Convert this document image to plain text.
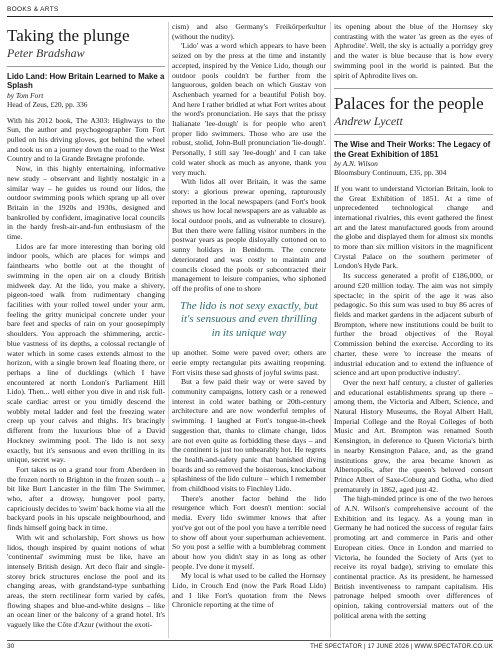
BOOKS & ARTS
Taking the plunge
Peter Bradshaw
Lido Land: How Britain Learned to Make a Splash
by Tom Fort
Head of Zeus, £20, pp. 336

With his 2012 book, The A303: Highways to the Sun, the author and psychogeographer Tom Fort pulled on his driving gloves, got behind the wheel and took us on a journey down the road to the West Country and to la Grande Bretagne profonde.

Now, in this highly entertaining, informative new study – observant and lightly nostalgic in a similar way – he guides us round our lidos, the outdoor swimming pools which sprang up all over Britain in the 1920s and 1930s, designed and bankrolled by confident, imaginative local councils in the hardy fresh-air-and-fun enthusiasm of the time.

Lidos are far more interesting than boring old indoor pools, which are places for wimps and fainthearts who bottle out at the thought of swimming in the open air on a cloudy British midweek day. At the lido, you make a shivery, pigeon-toed walk from rudimentary changing facilities with your rolled towel under your arm, feeling the gritty municipal concrete under your bare feet and specks of rain on your goosepimply shoulders. You approach the shimmering, arctic-blue vastness of its depths, a colossal rectangle of water which in some cases extends almost to the horizon, with a single brown leaf floating there, or perhaps a line of ducklings (which I have encountered at north London's Parliament Hill Lido). Then... well either you dive in and risk full-scale cardiac arrest or you timidly descend the wobbly metal ladder and feel the freezing water creep up your calves and thighs. It's bracingly different from the luxurious blue of a David Hockney swimming pool. The lido is not sexy exactly, but it's sensuous and even thrilling in its unique, secret way.

Fort takes us on a grand tour from Aberdeen in the frozen north to Brighton in the frozen south – a bit like Burt Lancaster in the film The Swimmer, who, after a drowsy, hungover pool party, capriciously decides to 'swim' back home via all the backyard pools in his upscale neighbourhood, and finds himself going back in time.

With wit and scholarship, Fort shows us how lidos, though inspired by quaint notions of what 'continental' swimming must be like, have an intensely British design. Art deco flair and single-storey brick structures enclose the pool and its changing areas, with grandstand-type sunbathing areas, the stern rectilinear form varied by cafés, flowing shapes and blue-and-white designs – like an ocean liner or the balcony of a grand hotel. It's vaguely like the Côte d'Azur (without the exoti-

cism) and also Germany's Freikörperkultur (without the nudity).

'Lido' was a word which appears to have been seized on by the press at the time and instantly accepted, inspired by the Venice Lido, though our outdoor pools couldn't be further from the languorous, golden beach on which Gustav von Aschenbach yearned for a beautiful Polish boy. And here I rather bridled at what Fort writes about the word's pronunciation. He says that the prissy Italianate 'lee-dough' is for people who aren't proper lido swimmers. Those who are use the robust, stolid, John-Bull pronunciation 'lie-dough'. Personally, I still say 'lee-dough' and I can take cold water shock as much as anyone, thank you very much.

With lidos all over Britain, it was the same story: a glorious prewar opening, rapturously reported in the local newspapers (and Fort's book shows us how local newspapers are as valuable as local outdoor pools, and as vulnerable to closure). But then there were falling visitor numbers in the postwar years as people disloyally cottoned on to sunny holidays in Benidorm. The concrete deteriorated and was costly to maintain and councils closed the pools or subcontracted their management to leisure companies, who siphoned off the profits of one to shore

The lido is not sexy exactly, but it's sensuous and even thrilling in its unique way

up another. Some were paved over; others are eerie empty rectangular pits awaiting reopening. Fort visits these sad ghosts of joyful swims past.

But a few paid their way or were saved by community campaigns, lottery cash or a renewed interest in cold water bathing or 20th-century architecture and are now wonderful temples of swimming. I laughed at Fort's tongue-in-cheek suggestion that, thanks to climate change, lidos are not even quite as forbidding these days – and the continent is just too unbearably hot. He regrets the health-and-safety panic that banished diving boards and so removed the boisterous, knockabout splashiness of the lido culture – which I remember from childhood visits to Finchley Lido.

There's another factor behind the lido resurgence which Fort doesn't mention: social media. Every lido swimmer knows that after you've got out of the pool you have a terrible need to show off about your superhuman achievement. So you post a selfie with a bumblebrag comment about how you didn't stay in as long as other people. I've done it myself.

My local is what used to be called the Hornsey Lido, in Crouch End (now the Park Road Lido) and I like Fort's quotation from the News Chronicle reporting at the time of

its opening about the blue of the Hornsey sky contrasting with the water 'as green as the eyes of Aphrodite'. Well, the sky is actually a porridgy grey and the water is blue because that is how every swimming pool in the world is painted. But the spirit of Aphrodite lives on.

Palaces for the people
Andrew Lycett
The Wise and Their Works: The Legacy of the Great Exhibition of 1851
by A.N. Wilson
Bloomsbury Continuum, £35, pp. 304

If you want to understand Victorian Britain, look to the Great Exhibition of 1851. At a time of unprecedented technological change and international rivalries, this event gathered the finest art and the latest manufactured goods from around the globe and displayed them for almost six months to more than six million visitors in the magnificent Crystal Palace on the southern perimeter of London's Hyde Park.

Its success generated a profit of £186,000, or around £20 million today. The aim was not simply spectacle; in the spirit of the age it was also pedagogic. So this sum was used to buy 86 acres of fields and market gardens in the adjacent suburb of Brompton, where new institutions could be built to further the broad objectives of the Royal Commission behind the exercise. According to its charter, these were 'to increase the means of industrial education and to extend the influence of science and art upon productive industry'.

Over the next half century, a cluster of galleries and educational establishments sprang up there – among them, the Victoria and Albert, Science, and Natural History Museums, the Royal Albert Hall, Imperial College and the Royal Colleges of both Music and Art. Brompton was renamed South Kensington, in deference to Queen Victoria's birth in nearby Kensington Palace, and, as the grand institutions grew, the area became known as Albertopolis, after the queen's beloved consort Prince Albert of Saxe-Coburg and Gotha, who died prematurely in 1862, aged just 42.

The high-minded prince is one of the two heroes of A.N. Wilson's comprehensive account of the Exhibition and its legacy. As a young man in Germany he had noticed the success of regular fairs promoting art and commerce in Paris and other European cities. Once in London and married to Victoria, he founded the Society of Arts (yet to receive its royal badge), striving to emulate this continental practice. As its president, he harnessed British inventiveness to rampant capitalism. His patronage helped smooth over differences of opinion, taking controversial matters out of the political arena with the setting

30	THE SPECTATOR | 17 JUNE 2026 | WWW.SPECTATOR.CO.UK
